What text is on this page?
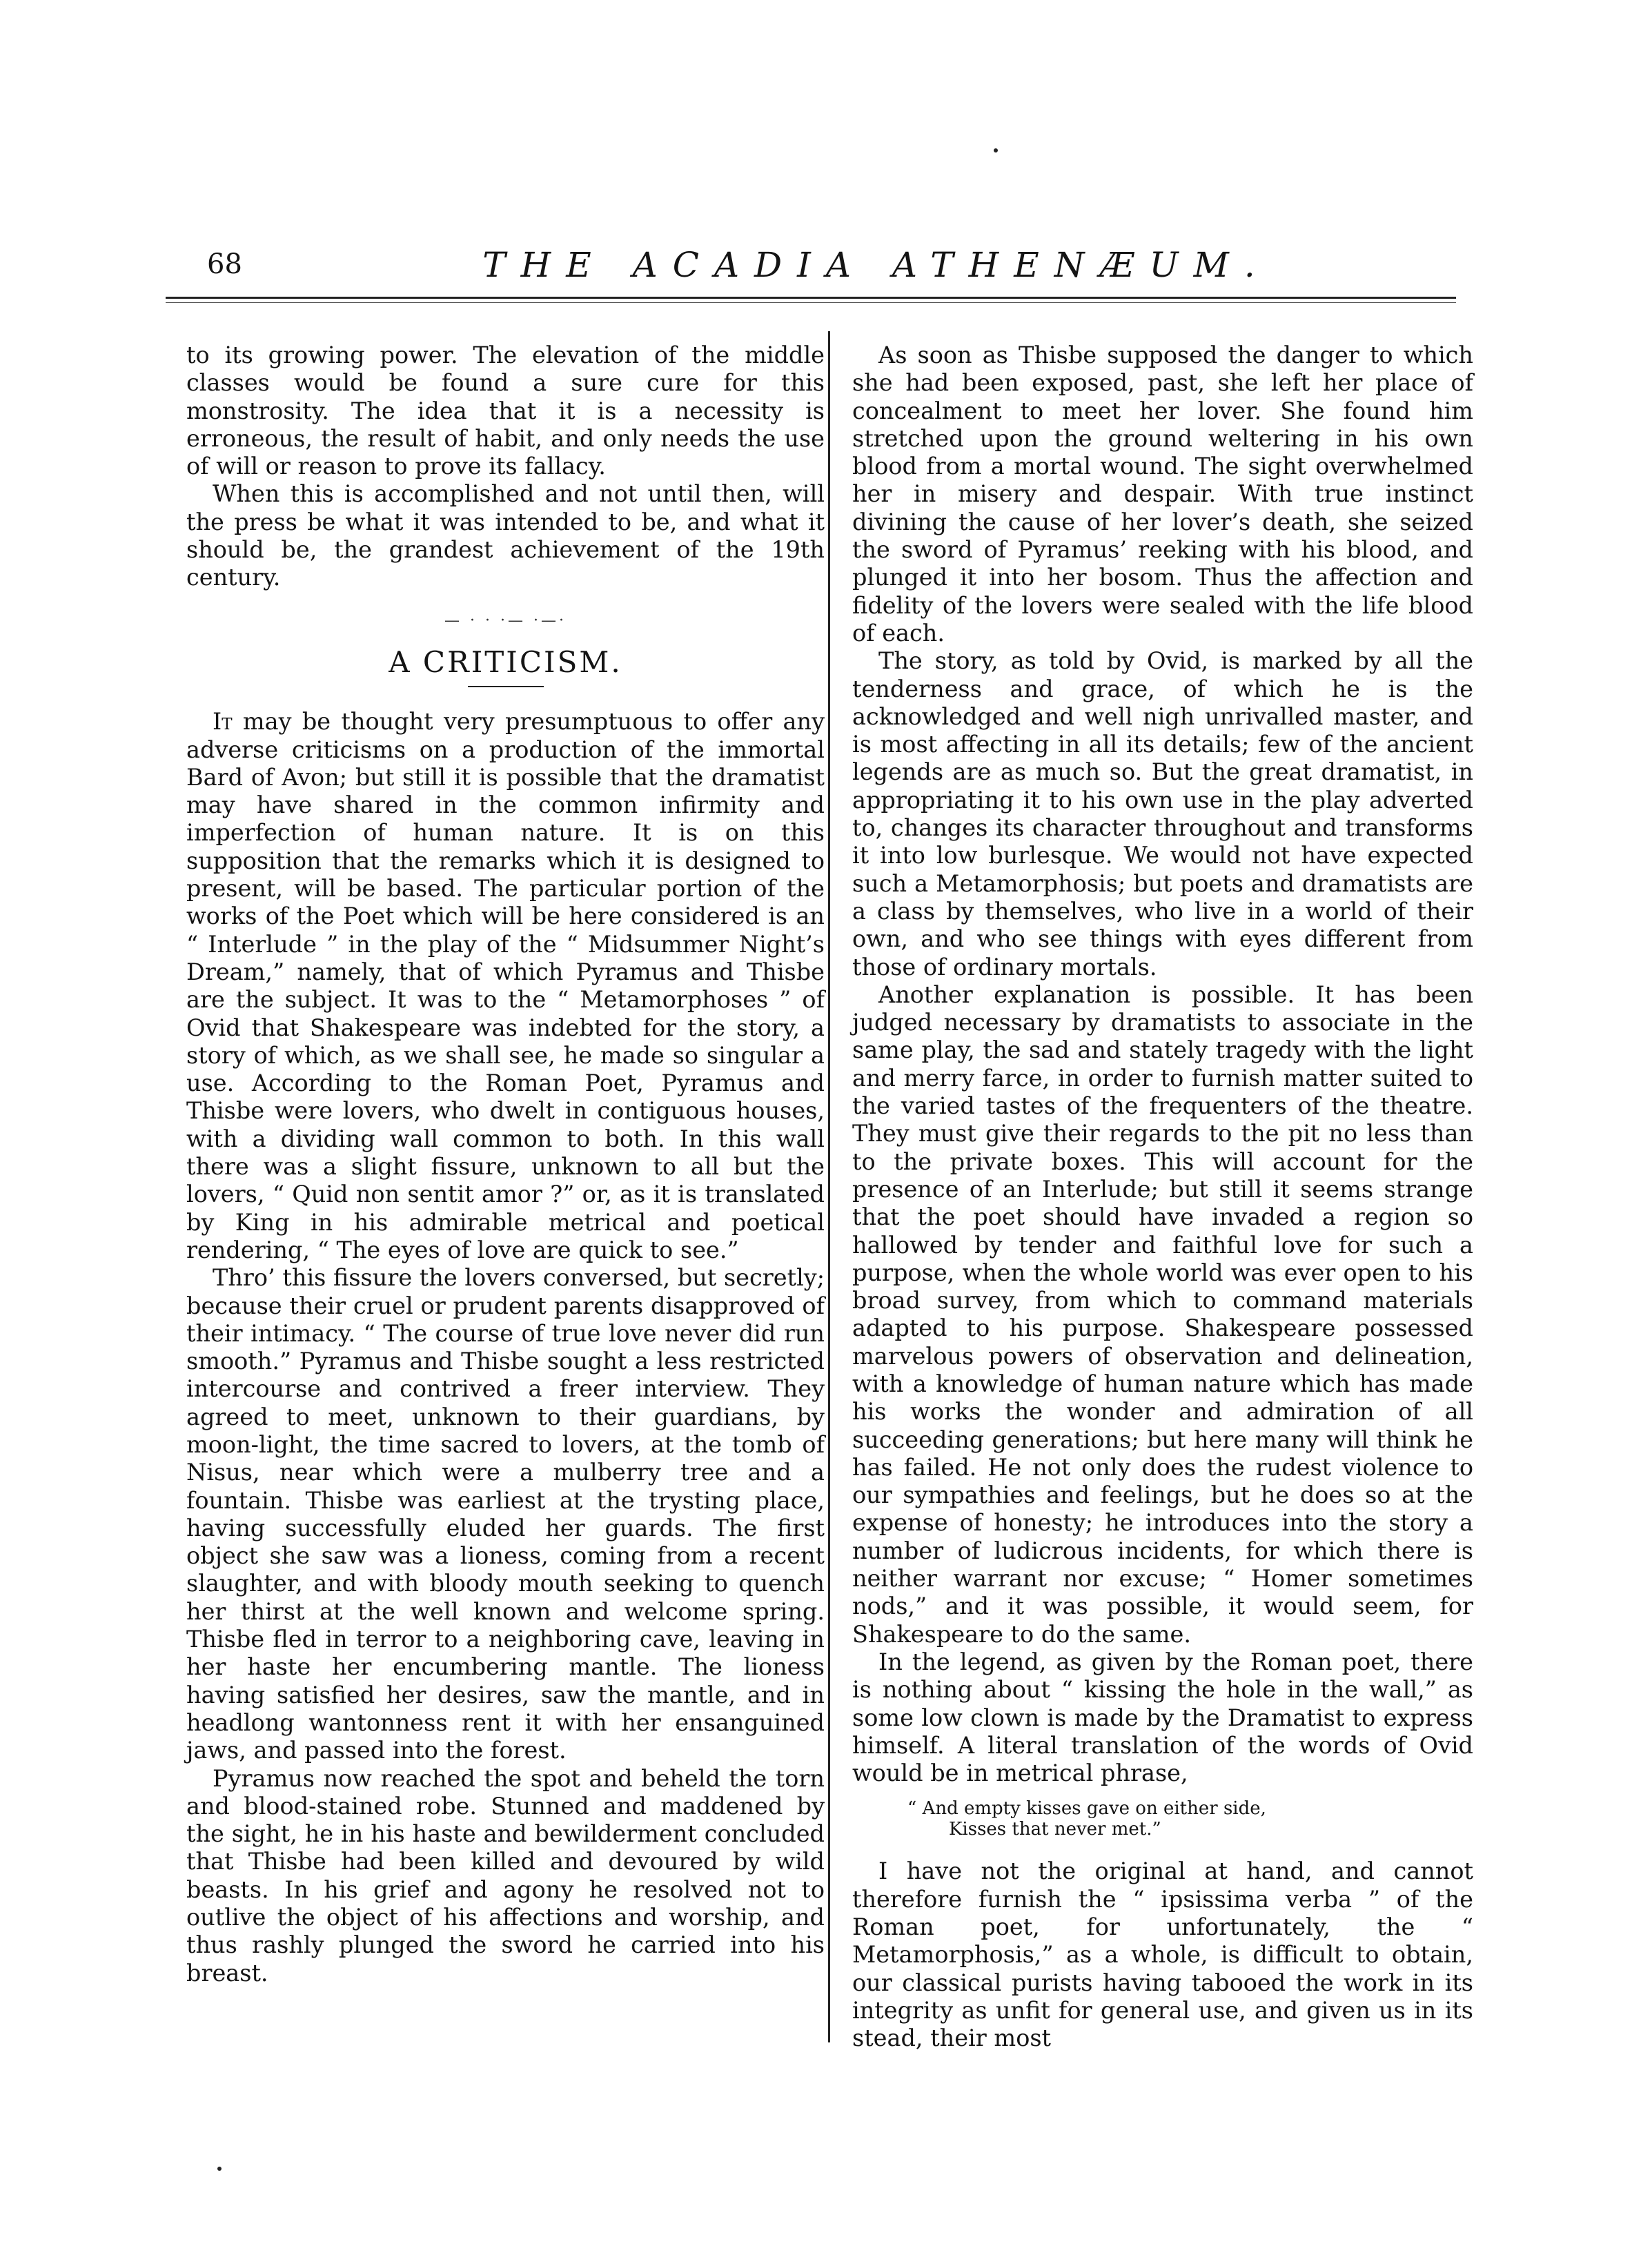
68	THE ACADIA ATHENÆUM.

to its growing power. The elevation of the middle classes would be found a sure cure for this monstrosity. The idea that it is a necessity is erroneous, the result of habit, and only needs the use of will or reason to prove its fallacy.

When this is accomplished and not until then, will the press be what it was intended to be, and what it should be, the grandest achievement of the 19th century.

— · · ·— ·—·
A CRITICISM.

It may be thought very presumptuous to offer any adverse criticisms on a production of the immortal Bard of Avon; but still it is possible that the dramatist may have shared in the common infirmity and imperfection of human nature. It is on this supposition that the remarks which it is designed to present, will be based. The particular portion of the works of the Poet which will be here considered is an “ Interlude ” in the play of the “ Midsummer Night’s Dream,” namely, that of which Pyramus and Thisbe are the subject. It was to the “ Metamorphoses ” of Ovid that Shakespeare was indebted for the story, a story of which, as we shall see, he made so singular a use. According to the Roman Poet, Pyramus and Thisbe were lovers, who dwelt in contiguous houses, with a dividing wall common to both. In this wall there was a slight fissure, unknown to all but the lovers, “ Quid non sentit amor ?” or, as it is translated by King in his admirable metrical and poetical rendering, “ The eyes of love are quick to see.”

Thro’ this fissure the lovers conversed, but secretly; because their cruel or prudent parents disapproved of their intimacy. “ The course of true love never did run smooth.” Pyramus and Thisbe sought a less restricted intercourse and contrived a freer interview. They agreed to meet, unknown to their guardians, by moon-light, the time sacred to lovers, at the tomb of Nisus, near which were a mulberry tree and a fountain. Thisbe was earliest at the trysting place, having successfully eluded her guards. The first object she saw was a lioness, coming from a recent slaughter, and with bloody mouth seeking to quench her thirst at the well known and welcome spring. Thisbe fled in terror to a neighboring cave, leaving in her haste her encumbering mantle. The lioness having satisfied her desires, saw the mantle, and in headlong wantonness rent it with her ensanguined jaws, and passed into the forest.

Pyramus now reached the spot and beheld the torn and blood-stained robe. Stunned and maddened by the sight, he in his haste and bewilderment concluded that Thisbe had been killed and devoured by wild beasts. In his grief and agony he resolved not to outlive the object of his affections and worship, and thus rashly plunged the sword he carried into his breast.

As soon as Thisbe supposed the danger to which she had been exposed, past, she left her place of concealment to meet her lover. She found him stretched upon the ground weltering in his own blood from a mortal wound. The sight overwhelmed her in misery and despair. With true instinct divining the cause of her lover’s death, she seized the sword of Pyramus’ reeking with his blood, and plunged it into her bosom. Thus the affection and fidelity of the lovers were sealed with the life blood of each.

The story, as told by Ovid, is marked by all the tenderness and grace, of which he is the acknowledged and well nigh unrivalled master, and is most affecting in all its details; few of the ancient legends are as much so. But the great dramatist, in appropriating it to his own use in the play adverted to, changes its character throughout and transforms it into low burlesque. We would not have expected such a Metamorphosis; but poets and dramatists are a class by themselves, who live in a world of their own, and who see things with eyes different from those of ordinary mortals.

Another explanation is possible. It has been judged necessary by dramatists to associate in the same play, the sad and stately tragedy with the light and merry farce, in order to furnish matter suited to the varied tastes of the frequenters of the theatre. They must give their regards to the pit no less than to the private boxes. This will account for the presence of an Interlude; but still it seems strange that the poet should have invaded a region so hallowed by tender and faithful love for such a purpose, when the whole world was ever open to his broad survey, from which to command materials adapted to his purpose. Shakespeare possessed marvelous powers of observation and delineation, with a knowledge of human nature which has made his works the wonder and admiration of all succeeding generations; but here many will think he has failed. He not only does the rudest violence to our sympathies and feelings, but he does so at the expense of honesty; he introduces into the story a number of ludicrous incidents, for which there is neither warrant nor excuse; “ Homer sometimes nods,” and it was possible, it would seem, for Shakespeare to do the same.

In the legend, as given by the Roman poet, there is nothing about “ kissing the hole in the wall,” as some low clown is made by the Dramatist to express himself. A literal translation of the words of Ovid would be in metrical phrase,

“ And empty kisses gave on either side,
Kisses that never met.”

I have not the original at hand, and cannot therefore furnish the “ ipsissima verba ” of the Roman poet, for unfortunately, the “ Metamorphosis,” as a whole, is difficult to obtain, our classical purists having tabooed the work in its integrity as unfit for general use, and given us in its stead, their most
